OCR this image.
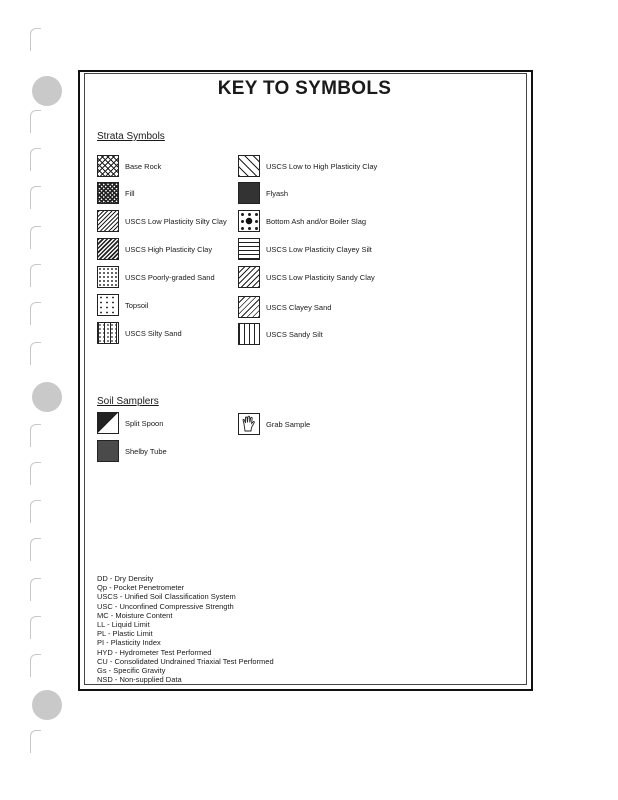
KEY TO SYMBOLS
Strata Symbols
Base Rock
Fill
USCS Low Plasticity Silty Clay
USCS High Plasticity Clay
USCS Poorly-graded Sand
Topsoil
USCS Silty Sand
USCS Low to High Plasticity Clay
Flyash
Bottom Ash and/or Boiler Slag
USCS Low Plasticity Clayey Silt
USCS Low Plasticity Sandy Clay
USCS Clayey Sand
USCS Sandy Silt
Soil Samplers
Split Spoon
Shelby Tube
Grab Sample
DD - Dry Density
Qp - Pocket Penetrometer
USCS - Unified Soil Classification System
USC - Unconfined Compressive Strength
MC - Moisture Content
LL - Liquid Limit
PL - Plastic Limit
PI - Plasticity Index
HYD - Hydrometer Test Performed
CU - Consolidated Undrained Triaxial Test Performed
Gs - Specific Gravity
NSD - Non-supplied Data
